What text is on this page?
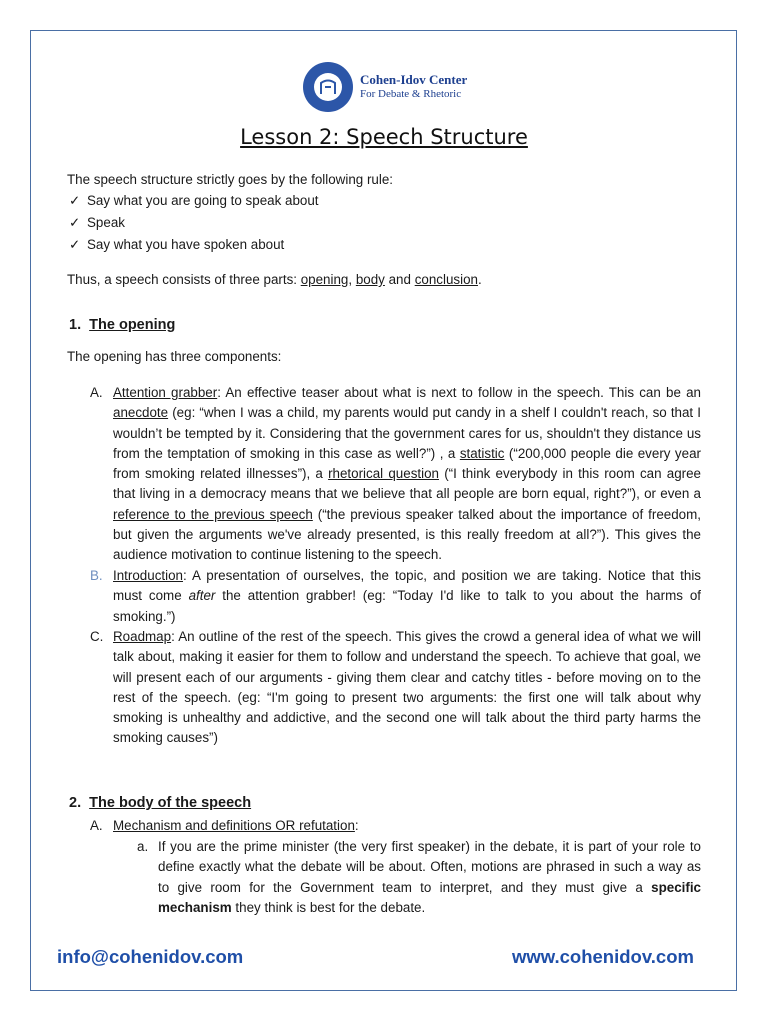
Cohen-Idov Center
For Debate & Rhetoric
Lesson 2: Speech Structure
The speech structure strictly goes by the following rule:
✓ Say what you are going to speak about
✓ Speak
✓ Say what you have spoken about
Thus, a speech consists of three parts: opening, body and conclusion.
1. The opening
The opening has three components:
A. Attention grabber: An effective teaser about what is next to follow in the speech. This can be an anecdote (eg: “when I was a child, my parents would put candy in a shelf I couldn't reach, so that I wouldn’t be tempted by it. Considering that the government cares for us, shouldn't they distance us from the temptation of smoking in this case as well?”) , a statistic (“200,000 people die every year from smoking related illnesses”), a rhetorical question (“I think everybody in this room can agree that living in a democracy means that we believe that all people are born equal, right?”), or even a reference to the previous speech (“the previous speaker talked about the importance of freedom, but given the arguments we've already presented, is this really freedom at all?”). This gives the audience motivation to continue listening to the speech.
B. Introduction: A presentation of ourselves, the topic, and position we are taking. Notice that this must come after the attention grabber! (eg: “Today I'd like to talk to you about the harms of smoking.”)
C. Roadmap: An outline of the rest of the speech. This gives the crowd a general idea of what we will talk about, making it easier for them to follow and understand the speech. To achieve that goal, we will present each of our arguments - giving them clear and catchy titles - before moving on to the rest of the speech. (eg: “I'm going to present two arguments: the first one will talk about why smoking is unhealthy and addictive, and the second one will talk about the third party harms the smoking causes”)
2. The body of the speech
A. Mechanism and definitions OR refutation:
a. If you are the prime minister (the very first speaker) in the debate, it is part of your role to define exactly what the debate will be about. Often, motions are phrased in such a way as to give room for the Government team to interpret, and they must give a specific mechanism they think is best for the debate.
info@cohenidov.com	www.cohenidov.com
